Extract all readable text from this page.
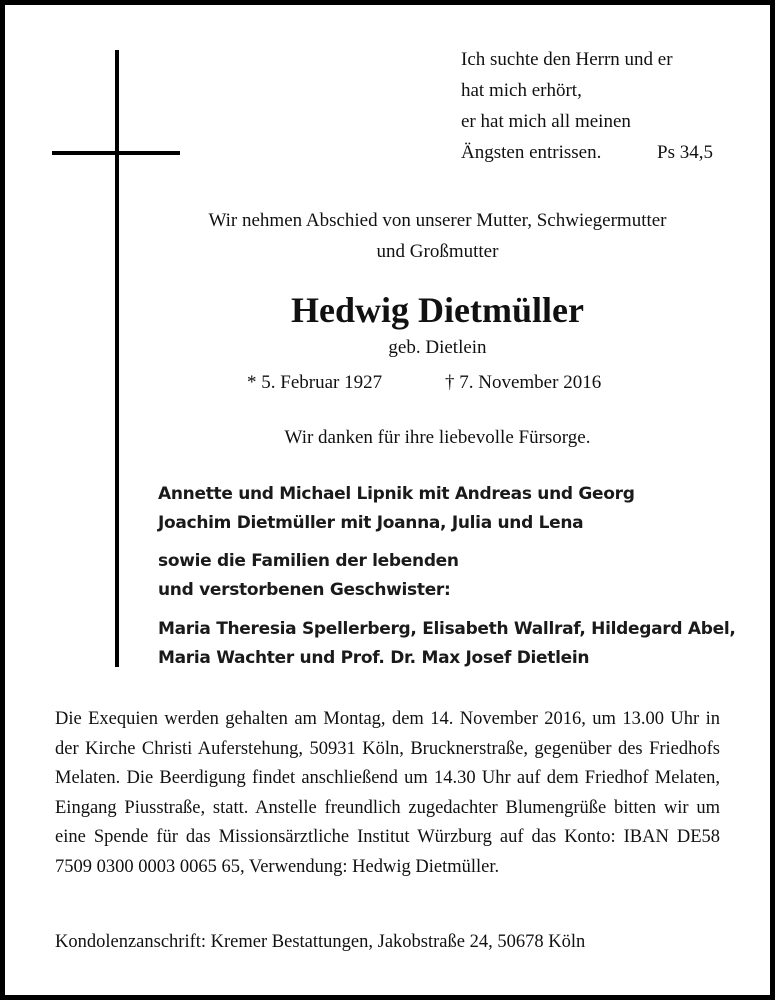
Ich suchte den Herrn und er
hat mich erhört,
er hat mich all meinen
Ängsten entrissen.	Ps 34,5
Wir nehmen Abschied von unserer Mutter, Schwiegermutter
und Großmutter
Hedwig Dietmüller
geb. Dietlein
* 5. Februar 1927	† 7. November 2016
Wir danken für ihre liebevolle Fürsorge.
Annette und Michael Lipnik mit Andreas und Georg
Joachim Dietmüller mit Joanna, Julia und Lena
sowie die Familien der lebenden
und verstorbenen Geschwister:
Maria Theresia Spellerberg, Elisabeth Wallraf, Hildegard Abel,
Maria Wachter und Prof. Dr. Max Josef Dietlein
Die Exequien werden gehalten am Montag, dem 14. November 2016, um 13.00 Uhr in der Kirche Christi Auferstehung, 50931 Köln, Brucknerstraße, gegenüber des Friedhofs Melaten. Die Beerdigung findet anschließend um 14.30 Uhr auf dem Friedhof Melaten, Eingang Piusstraße, statt. Anstelle freundlich zugedachter Blumengrüße bitten wir um eine Spende für das Missionsärztliche Institut Würzburg auf das Konto: IBAN DE58 7509 0300 0003 0065 65, Verwendung: Hedwig Dietmüller.
Kondolenzanschrift: Kremer Bestattungen, Jakobstraße 24, 50678 Köln
